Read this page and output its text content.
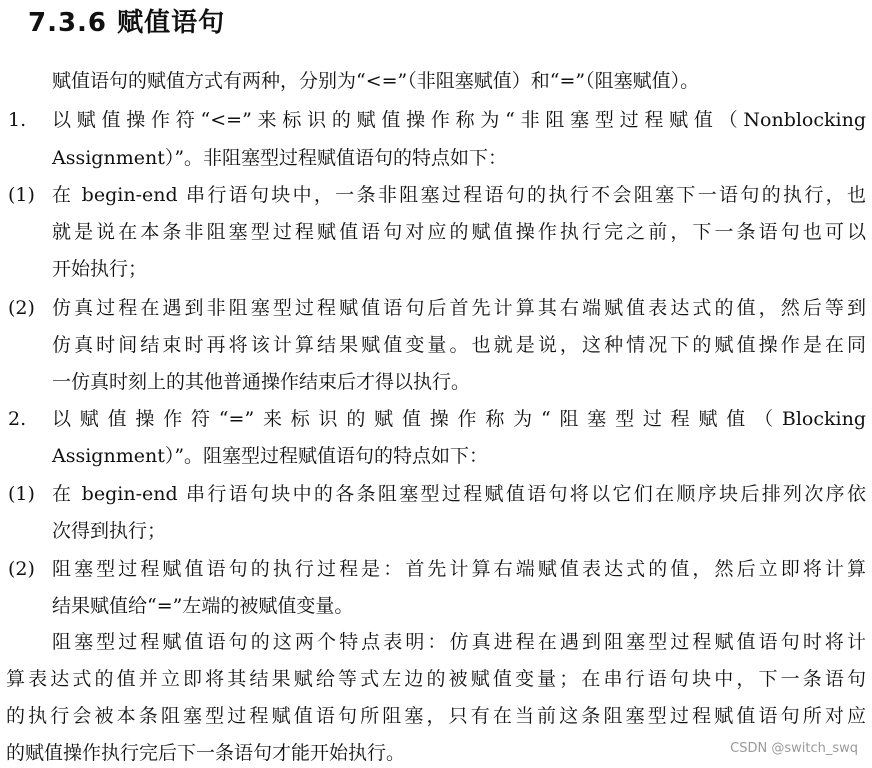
7.3.6 赋值语句
赋值语句的赋值方式有两种，分别为“<=”（非阻塞赋值）和“=”（阻塞赋值）。
1. 以赋值操作符“<=”来标识的赋值操作称为“非阻塞型过程赋值（Nonblocking
Assignment）”。非阻塞型过程赋值语句的特点如下：
(1) 在 begin-end 串行语句块中，一条非阻塞过程语句的执行不会阻塞下一语句的执行，也
就是说在本条非阻塞型过程赋值语句对应的赋值操作执行完之前，下一条语句也可以
开始执行；
(2) 仿真过程在遇到非阻塞型过程赋值语句后首先计算其右端赋值表达式的值，然后等到
仿真时间结束时再将该计算结果赋值变量。也就是说，这种情况下的赋值操作是在同
一仿真时刻上的其他普通操作结束后才得以执行。
2. 以赋值操作符“=”来标识的赋值操作称为“阻塞型过程赋值（Blocking
Assignment）”。阻塞型过程赋值语句的特点如下：
(1) 在 begin-end 串行语句块中的各条阻塞型过程赋值语句将以它们在顺序块后排列次序依
次得到执行；
(2) 阻塞型过程赋值语句的执行过程是：首先计算右端赋值表达式的值，然后立即将计算
结果赋值给“=”左端的被赋值变量。
阻塞型过程赋值语句的这两个特点表明：仿真进程在遇到阻塞型过程赋值语句时将计
算表达式的值并立即将其结果赋给等式左边的被赋值变量；在串行语句块中，下一条语句
的执行会被本条阻塞型过程赋值语句所阻塞，只有在当前这条阻塞型过程赋值语句所对应
的赋值操作执行完后下一条语句才能开始执行。	CSDN @switch_swq
